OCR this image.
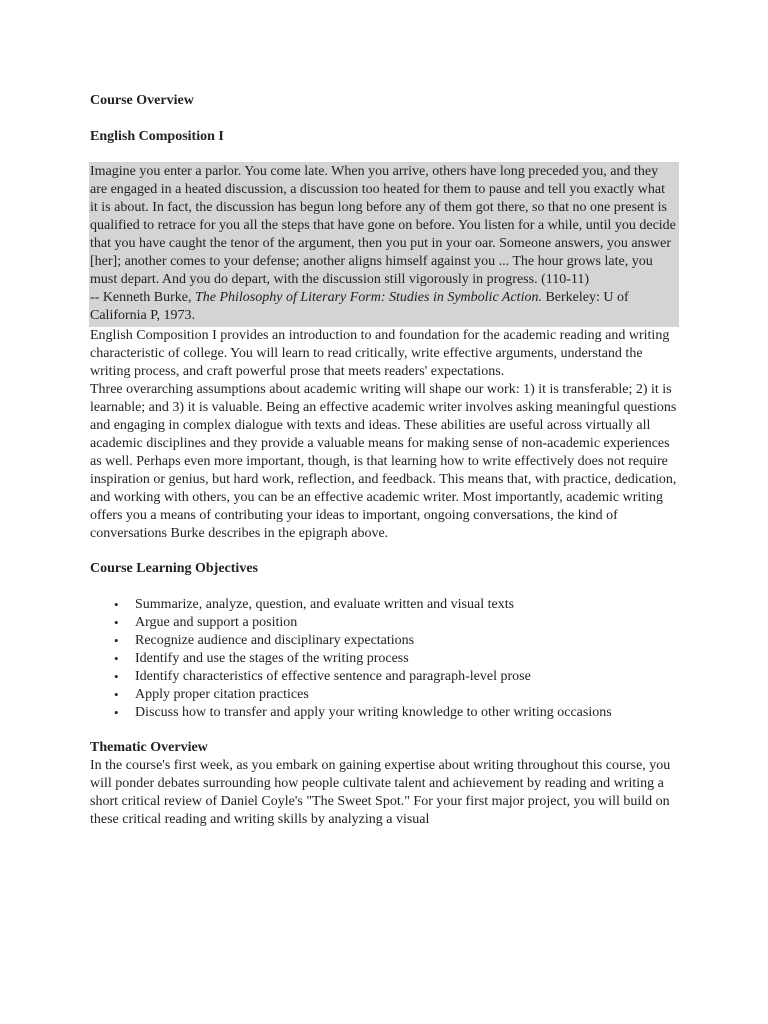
Course Overview
English Composition I

Imagine you enter a parlor. You come late. When you arrive, others have long preceded you, and they are engaged in a heated discussion, a discussion too heated for them to pause and tell you exactly what it is about. In fact, the discussion has begun long before any of them got there, so that no one present is qualified to retrace for you all the steps that have gone on before. You listen for a while, until you decide that you have caught the tenor of the argument, then you put in your oar. Someone answers, you answer [her]; another comes to your defense; another aligns himself against you ... The hour grows late, you must depart. And you do depart, with the discussion still vigorously in progress. (110-11)

-- Kenneth Burke, The Philosophy of Literary Form: Studies in Symbolic Action. Berkeley: U of California P, 1973.

English Composition I provides an introduction to and foundation for the academic reading and writing characteristic of college. You will learn to read critically, write effective arguments, understand the writing process, and craft powerful prose that meets readers' expectations.

Three overarching assumptions about academic writing will shape our work: 1) it is transferable; 2) it is learnable; and 3) it is valuable. Being an effective academic writer involves asking meaningful questions and engaging in complex dialogue with texts and ideas. These abilities are useful across virtually all academic disciplines and they provide a valuable means for making sense of non-academic experiences as well. Perhaps even more important, though, is that learning how to write effectively does not require inspiration or genius, but hard work, reflection, and feedback. This means that, with practice, dedication, and working with others, you can be an effective academic writer. Most importantly, academic writing offers you a means of contributing your ideas to important, ongoing conversations, the kind of conversations Burke describes in the epigraph above.

Course Learning Objectives
• Summarize, analyze, question, and evaluate written and visual texts
• Argue and support a position
• Recognize audience and disciplinary expectations
• Identify and use the stages of the writing process
• Identify characteristics of effective sentence and paragraph-level prose
• Apply proper citation practices
• Discuss how to transfer and apply your writing knowledge to other writing occasions
Thematic Overview

In the course's first week, as you embark on gaining expertise about writing throughout this course, you will ponder debates surrounding how people cultivate talent and achievement by reading and writing a short critical review of Daniel Coyle's "The Sweet Spot." For your first major project, you will build on these critical reading and writing skills by analyzing a visual
